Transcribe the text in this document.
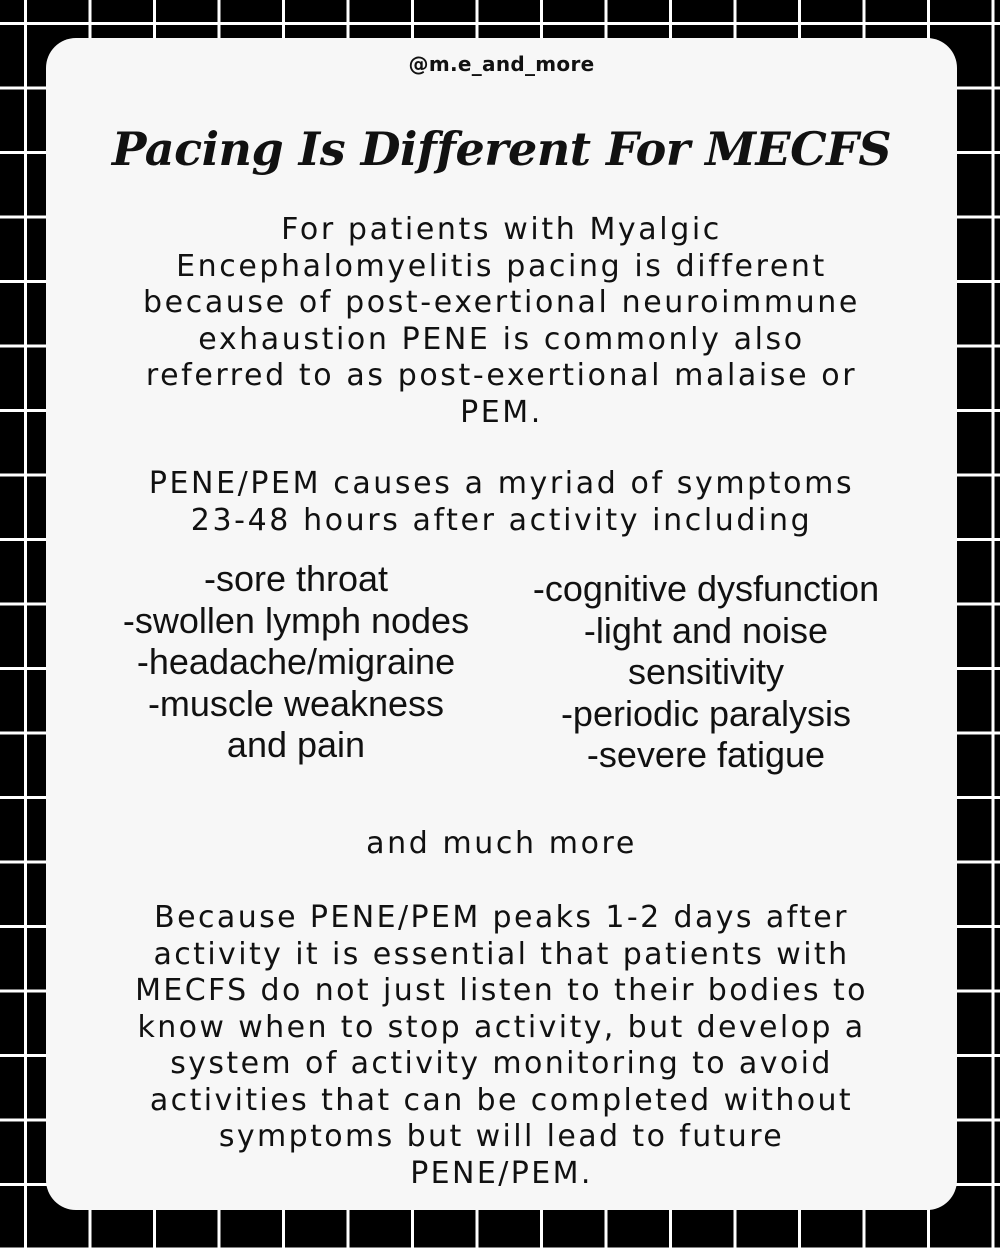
@m.e_and_more
Pacing Is Different For MECFS

For patients with Myalgic
Encephalomyelitis pacing is different
because of post-exertional neuroimmune
exhaustion PENE is commonly also
referred to as post-exertional malaise or
PEM.

PENE/PEM causes a myriad of symptoms
23-48 hours after activity including

-sore throat
-swollen lymph nodes
-headache/migraine
-muscle weakness
and pain
-cognitive dysfunction
-light and noise
sensitivity
-periodic paralysis
-severe fatigue

and much more

Because PENE/PEM peaks 1-2 days after
activity it is essential that patients with
MECFS do not just listen to their bodies to
know when to stop activity, but develop a
system of activity monitoring to avoid
activities that can be completed without
symptoms but will lead to future
PENE/PEM.
